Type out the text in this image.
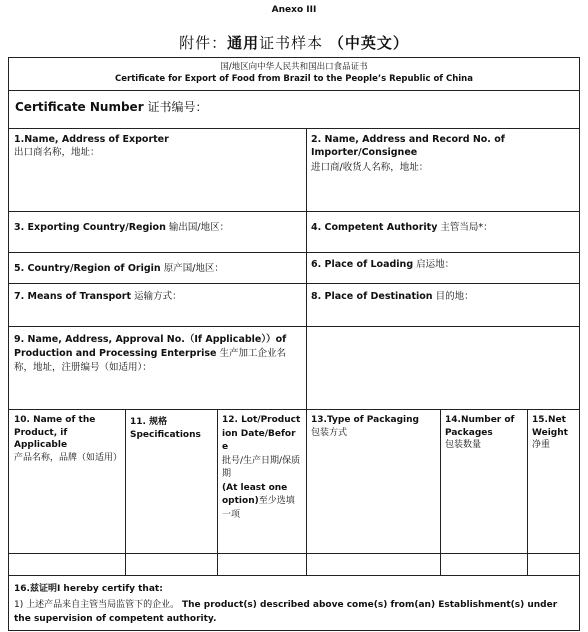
Anexo III
附件：通用证书样本 （中英文）
国/地区向中华人民共和国出口食品证书
Certificate for Export of Food from Brazil to the People’s Republic of China
Certificate Number 证书编号：
1.Name, Address of Exporter
出口商名称，地址：
2. Name, Address and Record No. of Importer/Consignee
进口商/收货人名称，地址：
3. Exporting Country/Region 输出国/地区：	4. Competent Authority 主管当局*：
5. Country/Region of Origin 原产国/地区：	6. Place of Loading 启运地：
7. Means of Transport 运输方式：	8. Place of Destination 目的地：
9. Name, Address, Approval No.（If Applicable））of Production and Processing Enterprise 生产加工企业名称，地址，注册编号（如适用）：
10. Name of the Product, if Applicable
产品名称，品牌（如适用）
11. 规格
Specifications
12. Lot/Production Date/Before
批号/生产日期/保质期
(At least one option)至少选填一项
13.Type of Packaging
包装方式
14.Number of Packages
包装数量
15.Net Weight
净重
16.兹证明I hereby certify that:
1) 上述产品来自主管当局监管下的企业。 The product(s) described above come(s) from(an) Establishment(s) under the supervision of competent authority.
